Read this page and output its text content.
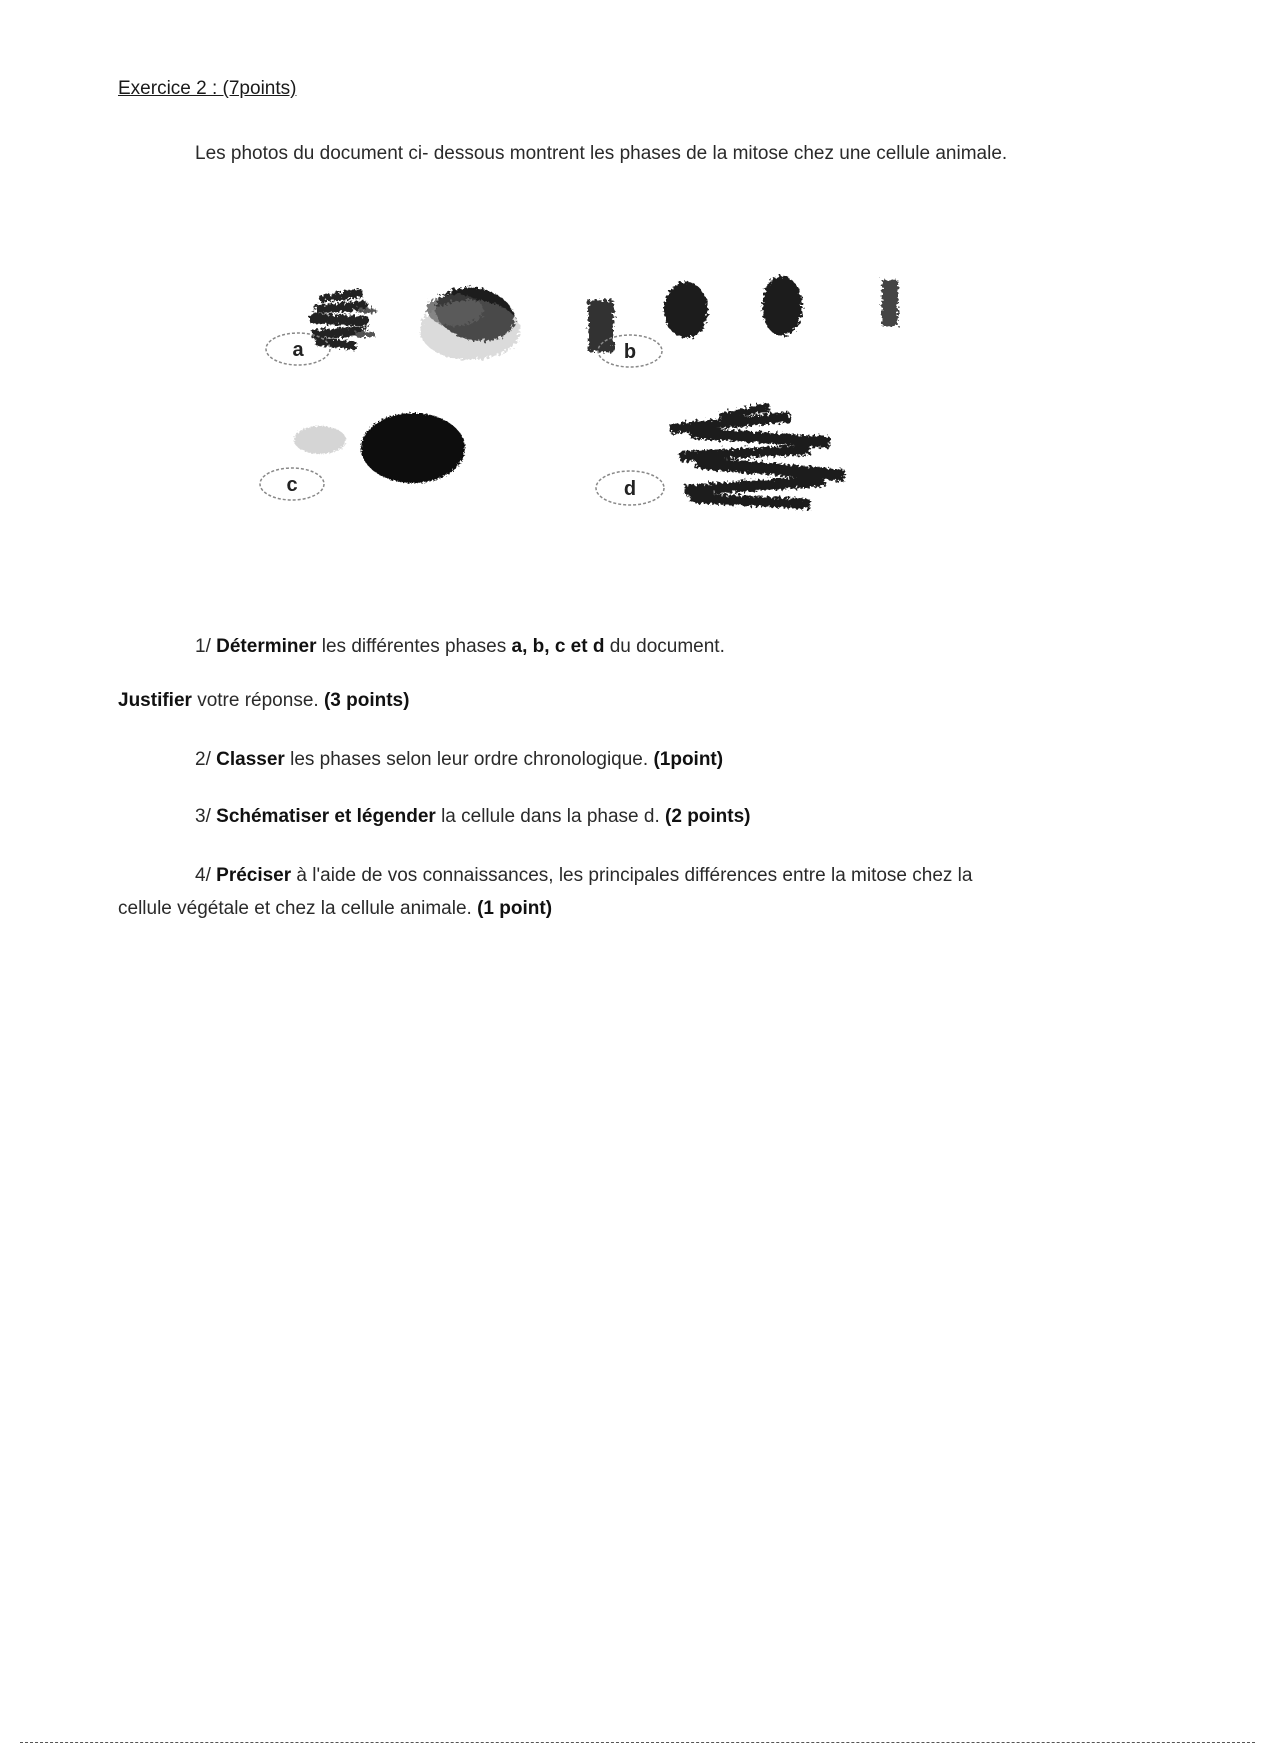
Exercice 2 : (7points)
Les photos du document ci- dessous montrent les phases de la mitose chez une cellule animale.
a	b
c	d
1/ Déterminer les différentes phases a, b, c et d du document.
Justifier votre réponse. (3 points)
2/ Classer les phases selon leur ordre chronologique. (1point)
3/ Schématiser et légender la cellule dans la phase d. (2 points)
4/ Préciser à l'aide de vos connaissances, les principales différences entre la mitose chez la
cellule végétale et chez la cellule animale. (1 point)
